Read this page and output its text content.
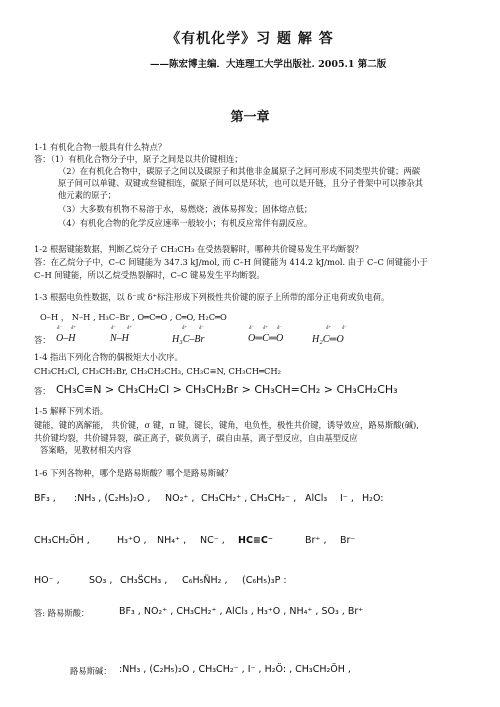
《有机化学》习 题 解 答
——陈宏博主编．大连理工大学出版社. 2005.1 第二版
第一章
1-1 有机化合物一般具有什么特点？
答：（1）有机化合物分子中，原子之间是以共价键相连；
（2）在有机化合物中，碳原子之间以及碳原子和其他非金属原子之间可形成不同类型共价键；两碳
原子间可以单键、双键或叁键相连，碳原子间可以是环状，也可以是开链，且分子骨架中可以掺杂其
他元素的原子；
（3）大多数有机物不易溶于水，易燃烧；液体易挥发；固体熔点低；
（4）有机化合物的化学反应速率一般较小；有机反应常伴有副反应。
1-2 根据键能数据，判断乙烷分子 CH₃CH₃ 在受热裂解时，哪种共价键易发生平均断裂？
答：在乙烷分子中，C–C 间键能为 347.3 kJ/mol, 而 C–H 间键能为 414.2 kJ/mol. 由于 C–C 间键能小于
C–H 间键能，所以乙烷受热裂解时，C–C 键易发生平均断裂。
1-3 根据电负性数据，以 δ⁻或 δ⁺标注形成下列极性共价键的原子上所带的部分正电荷或负电荷。
O–H ， N–H , H₃C–Br , O═C═O , C═O, H₂C═O
答：
δ⁻ δ⁺
O–H
δ⁻ δ⁺
N–H
δ⁺ δ⁻
H₃C–Br
δ⁻ δ⁺ δ⁻
O═C═O
δ⁺ δ⁻
H₂C═O
1-4 指出下列化合物的偶极矩大小次序。
CH₃CH₂Cl, CH₃CH₂Br, CH₃CH₂CH₃, CH₃C≡N, CH₃CH═CH₂
答： CH₃C≡N > CH₃CH₂Cl > CH₃CH₂Br > CH₃CH=CH₂ > CH₃CH₂CH₃
1-5 解释下列术语。
键能，键的离解能， 共价键，σ 键，π 键，键长，键角，电负性，极性共价键，诱导效应，路易斯酸(碱),
共价键均裂，共价键异裂，碳正离子，碳负离子，碳自由基，离子型反应，自由基型反应
答案略，见教材相关内容
1-6 下列各物种，哪个是路易斯酸？哪个是路易斯碱？
BF₃ , :NH₃ , (C₂H₅)₂O , NO₂⁺ , CH₃CH₂⁺ , CH₃CH₂⁻ , AlCl₃ I⁻ , H₂O:
CH₃CH₂ÖH ,	H₃⁺O , NH₄⁺ , NC⁻ , HC≡C⁻	Br⁺ , Br⁻
HO⁻ ,	SO₃ , CH₃S̈CH₃ , C₆H₅N̈H₂ , (C₆H₅)₃P :
答: 路易斯酸：	BF₃ , NO₂⁺ , CH₃CH₂⁺ , AlCl₃ , H₃⁺O , NH₄⁺ , SO₃ , Br⁺
路易斯碱： :NH₃ , (C₂H₅)₂O , CH₃CH₂⁻ , I⁻ , H₂Ö: , CH₃CH₂ÖH ,
